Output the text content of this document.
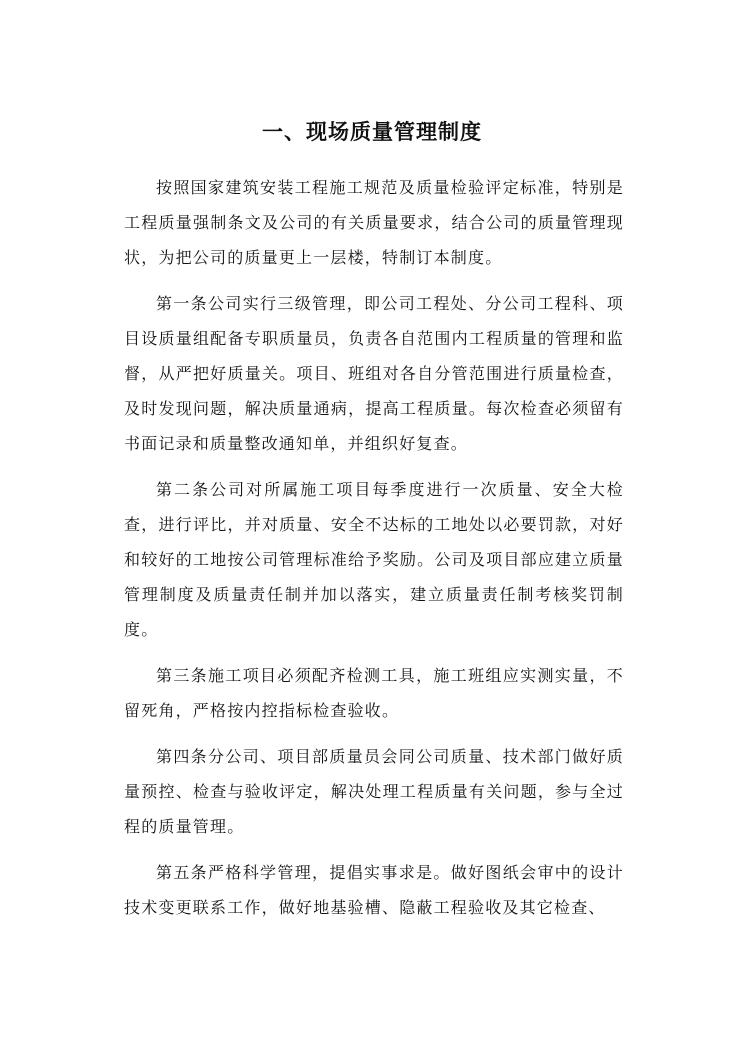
一、现场质量管理制度

按照国家建筑安装工程施工规范及质量检验评定标准，特别是工程质量强制条文及公司的有关质量要求，结合公司的质量管理现状，为把公司的质量更上一层楼，特制订本制度。

第一条公司实行三级管理，即公司工程处、分公司工程科、项目设质量组配备专职质量员，负责各自范围内工程质量的管理和监督，从严把好质量关。项目、班组对各自分管范围进行质量检查，及时发现问题，解决质量通病，提高工程质量。每次检查必须留有书面记录和质量整改通知单，并组织好复查。

第二条公司对所属施工项目每季度进行一次质量、安全大检查，进行评比，并对质量、安全不达标的工地处以必要罚款，对好和较好的工地按公司管理标准给予奖励。公司及项目部应建立质量管理制度及质量责任制并加以落实，建立质量责任制考核奖罚制度。

第三条施工项目必须配齐检测工具，施工班组应实测实量，不留死角，严格按内控指标检查验收。

第四条分公司、项目部质量员会同公司质量、技术部门做好质量预控、检查与验收评定，解决处理工程质量有关问题，参与全过程的质量管理。

第五条严格科学管理，提倡实事求是。做好图纸会审中的设计技术变更联系工作，做好地基验槽、隐蔽工程验收及其它检查、
